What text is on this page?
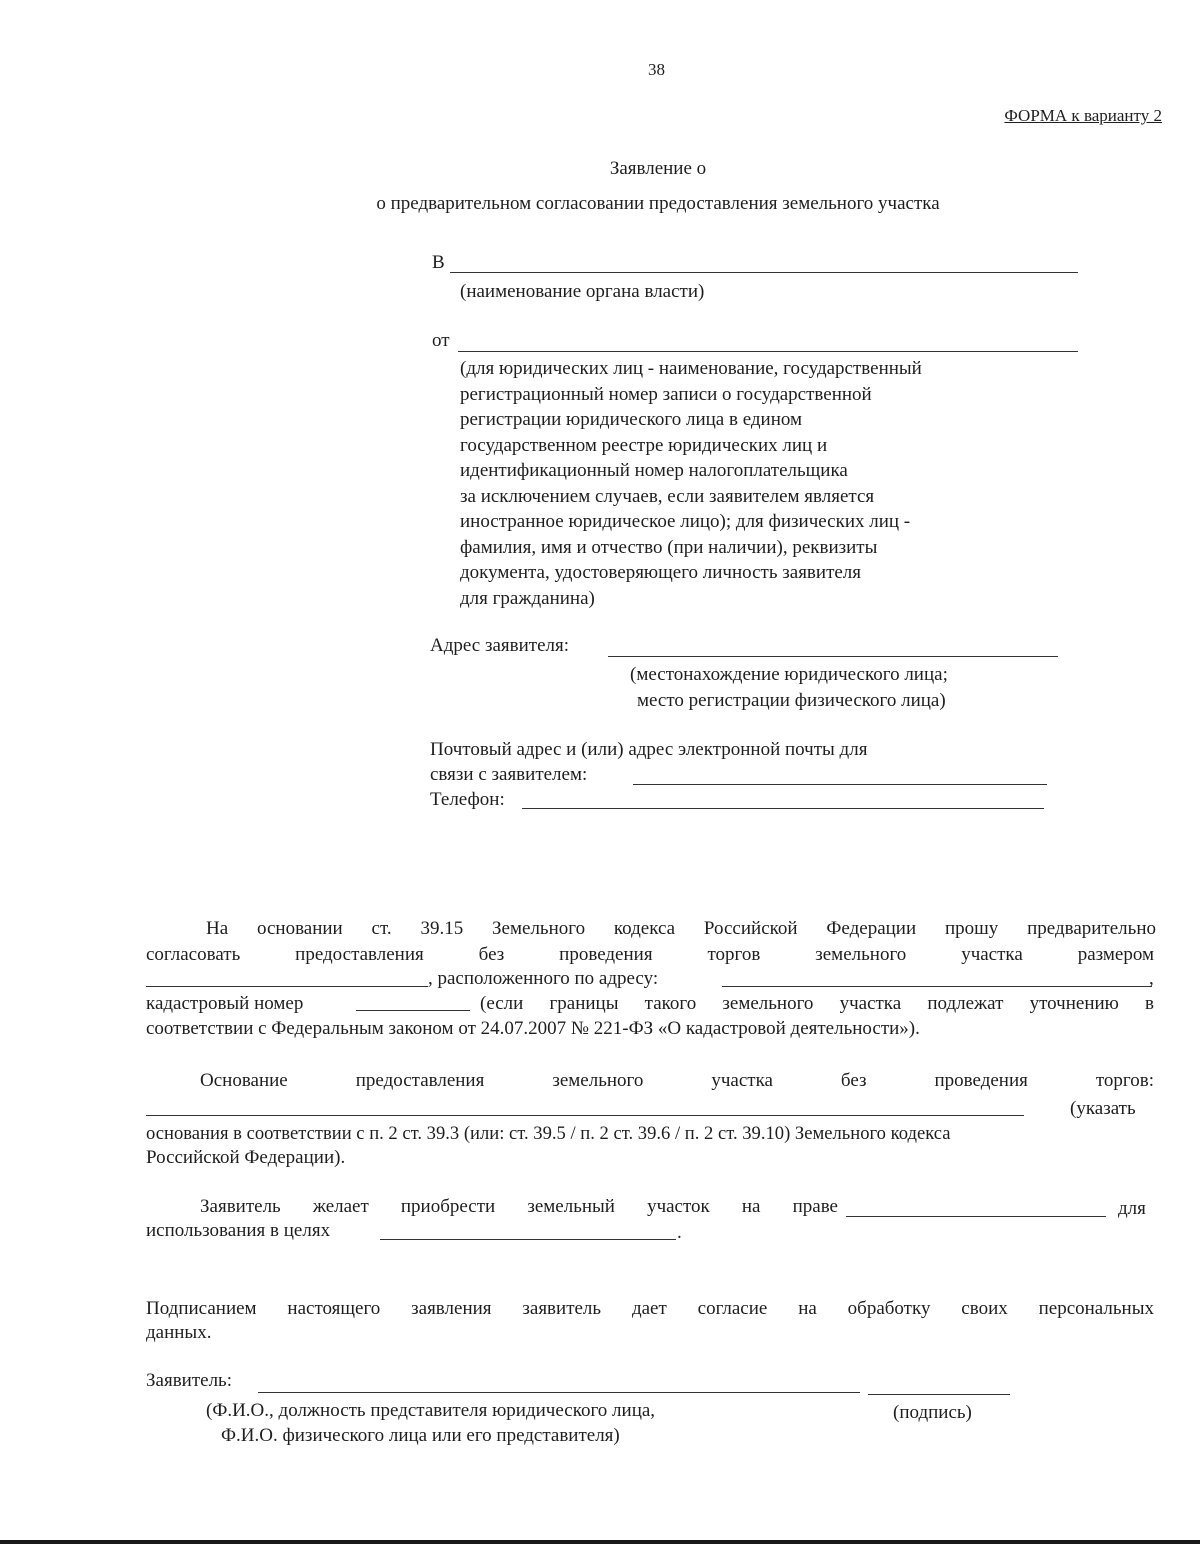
38
ФОРМА к варианту 2
Заявление о
о предварительном согласовании предоставления земельного участка
В
(наименование органа власти)
от
(для юридических лиц - наименование, государственный
регистрационный номер записи о государственной
регистрации юридического лица в едином
государственном реестре юридических лиц и
идентификационный номер налогоплательщика
за исключением случаев, если заявителем является
иностранное юридическое лицо); для физических лиц -
фамилия, имя и отчество (при наличии), реквизиты
документа, удостоверяющего личность заявителя
для гражданина)
Адрес заявителя:
(местонахождение юридического лица;
место регистрации физического лица)
Почтовый адрес и (или) адрес электронной почты для
связи с заявителем:
Телефон:
На основании ст. 39.15 Земельного кодекса Российской Федерации прошу предварительно
согласовать предоставления без проведения торгов земельного участка размером
, расположенного по адресу:	,
кадастровый номер	(если границы такого земельного участка подлежат уточнению в
соответствии с Федеральным законом от 24.07.2007 № 221-ФЗ «О кадастровой деятельности»).
Основание предоставления земельного участка без проведения торгов:
(указать
основания в соответствии с п. 2 ст. 39.3 (или: ст. 39.5 / п. 2 ст. 39.6 / п. 2 ст. 39.10) Земельного кодекса
Российской Федерации).
Заявитель желает приобрести земельный участок на праве	для
использования в целях	.
Подписанием настоящего заявления заявитель дает согласие на обработку своих персональных
данных.
Заявитель:
(Ф.И.О., должность представителя юридического лица,	(подпись)
Ф.И.О. физического лица или его представителя)
